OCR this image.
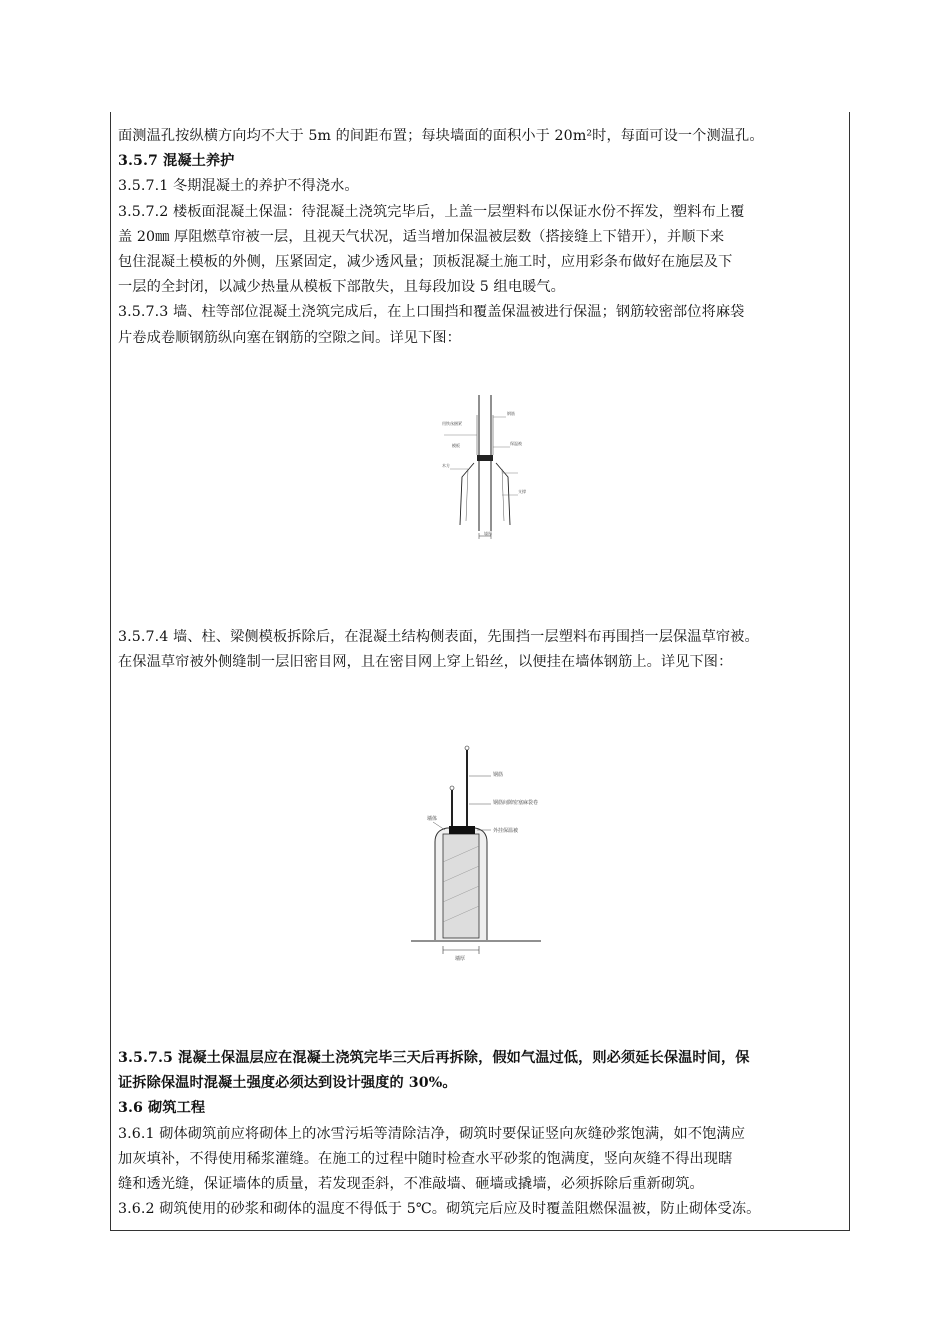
面测温孔按纵横方向均不大于 5m 的间距布置；每块墙面的面积小于 20m²时，每面可设一个测温孔。
3.5.7 混凝土养护
3.5.7.1 冬期混凝土的养护不得浇水。
3.5.7.2 楼板面混凝土保温：待混凝土浇筑完毕后，上盖一层塑料布以保证水份不挥发，塑料布上覆
盖 20㎜ 厚阻燃草帘被一层，且视天气状况，适当增加保温被层数（搭接缝上下错开），并顺下来
包住混凝土模板的外侧，压紧固定，减少透风量；顶板混凝土施工时，应用彩条布做好在施层及下
一层的全封闭，以减少热量从模板下部散失，且每段加设 5 组电暖气。
3.5.7.3 墙、柱等部位混凝土浇筑完成后，在上口围挡和覆盖保温被进行保温；钢筋较密部位将麻袋
片卷成卷顺钢筋纵向塞在钢筋的空隙之间。详见下图：
用铁丝捆紧
钢筋
保温被
模板
木方
支撑
墙厚
3.5.7.4 墙、柱、梁侧模板拆除后，在混凝土结构侧表面，先围挡一层塑料布再围挡一层保温草帘被。
在保温草帘被外侧缝制一层旧密目网，且在密目网上穿上铅丝，以便挂在墙体钢筋上。详见下图：
钢筋
钢筋间隙密塞麻袋卷
墙体
外挂保温被
墙厚
3.5.7.5 混凝土保温层应在混凝土浇筑完毕三天后再拆除，假如气温过低，则必须延长保温时间，保
证拆除保温时混凝土强度必须达到设计强度的 30%。
3.6 砌筑工程
3.6.1 砌体砌筑前应将砌体上的冰雪污垢等清除洁净，砌筑时要保证竖向灰缝砂浆饱满，如不饱满应
加灰填补，不得使用稀浆灌缝。在施工的过程中随时检查水平砂浆的饱满度，竖向灰缝不得出现瞎
缝和透光缝，保证墙体的质量，若发现歪斜，不准敲墙、砸墙或撬墙，必须拆除后重新砌筑。
3.6.2 砌筑使用的砂浆和砌体的温度不得低于 5℃。砌筑完后应及时覆盖阻燃保温被，防止砌体受冻。
